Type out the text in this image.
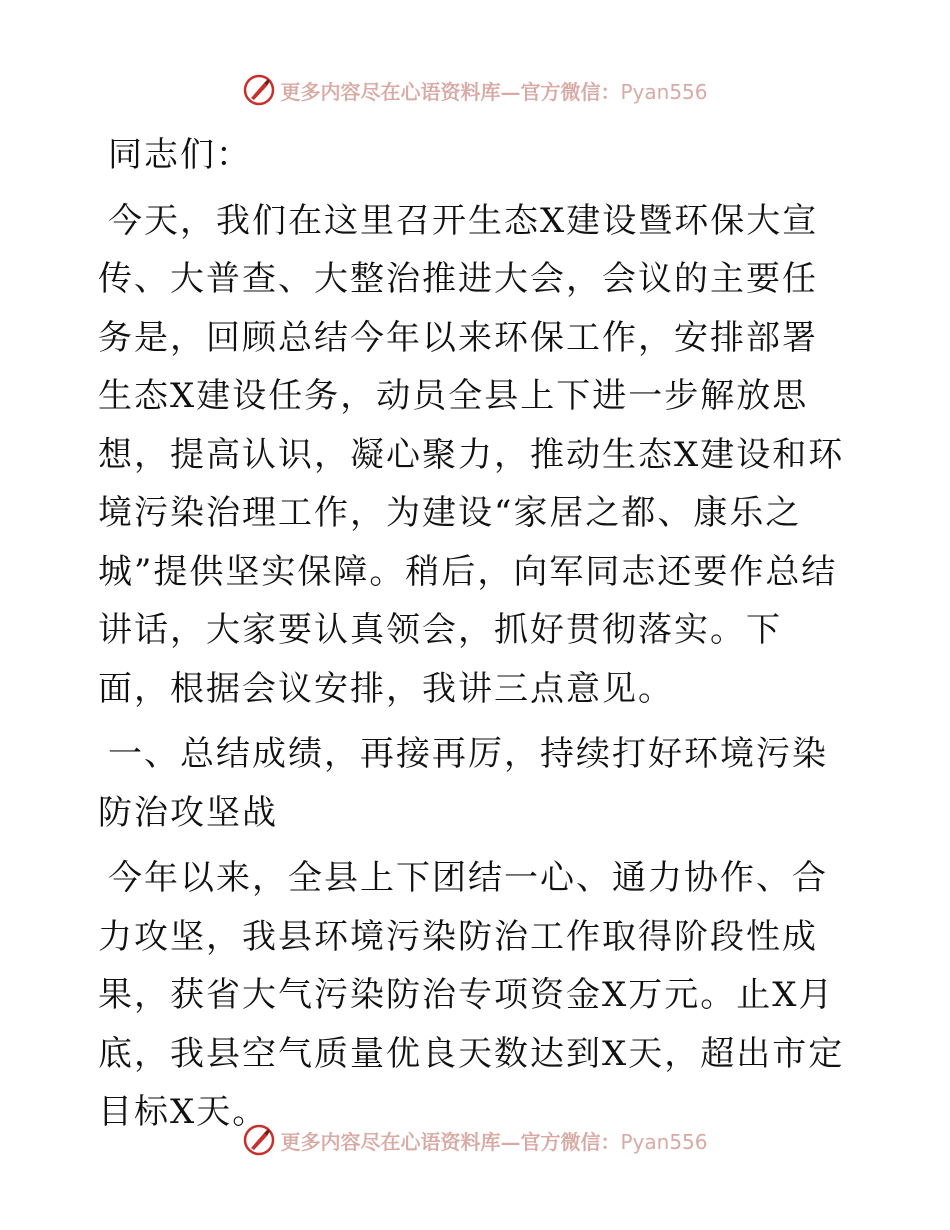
更多内容尽在心语资料库—官方微信：Pyan556

同志们：

今天，我们在这里召开生态X建设暨环保大宣传、大普查、大整治推进大会，会议的主要任务是，回顾总结今年以来环保工作，安排部署生态X建设任务，动员全县上下进一步解放思想，提高认识，凝心聚力，推动生态X建设和环境污染治理工作，为建设“家居之都、康乐之城”提供坚实保障。稍后，向军同志还要作总结讲话，大家要认真领会，抓好贯彻落实。下面，根据会议安排，我讲三点意见。

一、总结成绩，再接再厉，持续打好环境污染防治攻坚战

今年以来，全县上下团结一心、通力协作、合力攻坚，我县环境污染防治工作取得阶段性成果，获省大气污染防治专项资金X万元。止X月底，我县空气质量优良天数达到X天，超出市定目标X天。

更多内容尽在心语资料库—官方微信：Pyan556
